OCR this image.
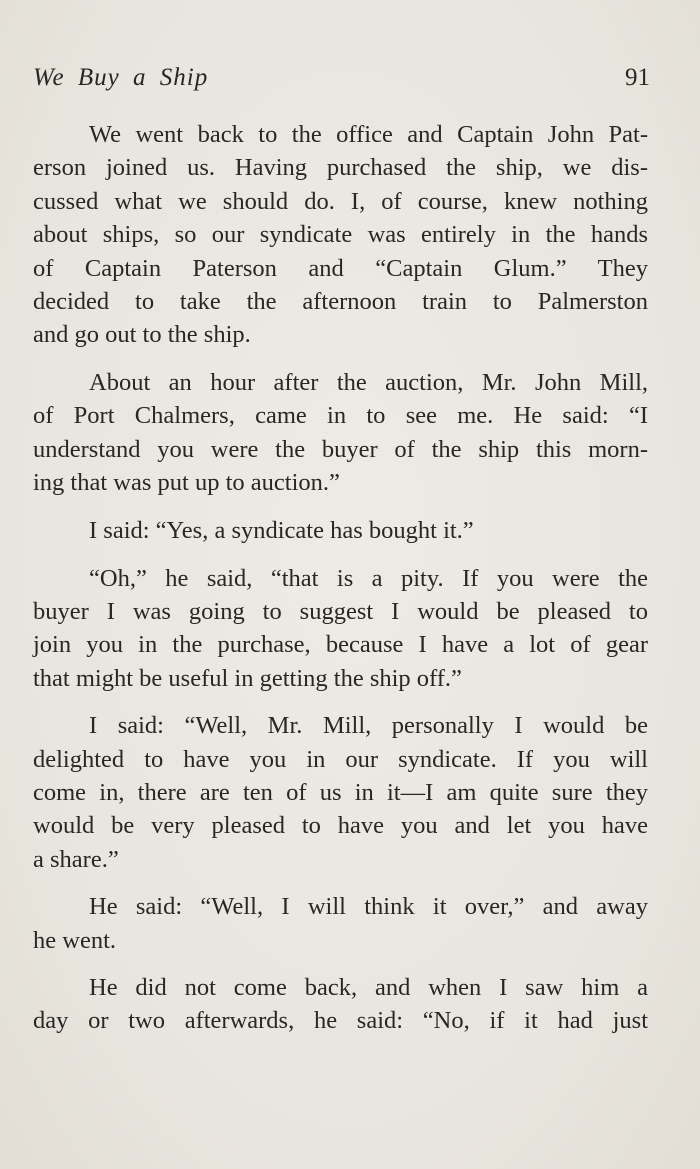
We Buy a Ship	91

We went back to the office and Captain John Pat-
erson joined us. Having purchased the ship, we dis-
cussed what we should do. I, of course, knew nothing
about ships, so our syndicate was entirely in the hands
of Captain Paterson and “Captain Glum.” They
decided to take the afternoon train to Palmerston
and go out to the ship.

About an hour after the auction, Mr. John Mill,
of Port Chalmers, came in to see me. He said: “I
understand you were the buyer of the ship this morn-
ing that was put up to auction.”

I said: “Yes, a syndicate has bought it.”

“Oh,” he said, “that is a pity. If you were the
buyer I was going to suggest I would be pleased to
join you in the purchase, because I have a lot of gear
that might be useful in getting the ship off.”

I said: “Well, Mr. Mill, personally I would be
delighted to have you in our syndicate. If you will
come in, there are ten of us in it—I am quite sure they
would be very pleased to have you and let you have
a share.”

He said: “Well, I will think it over,” and away
he went.

He did not come back, and when I saw him a
day or two afterwards, he said: “No, if it had just
